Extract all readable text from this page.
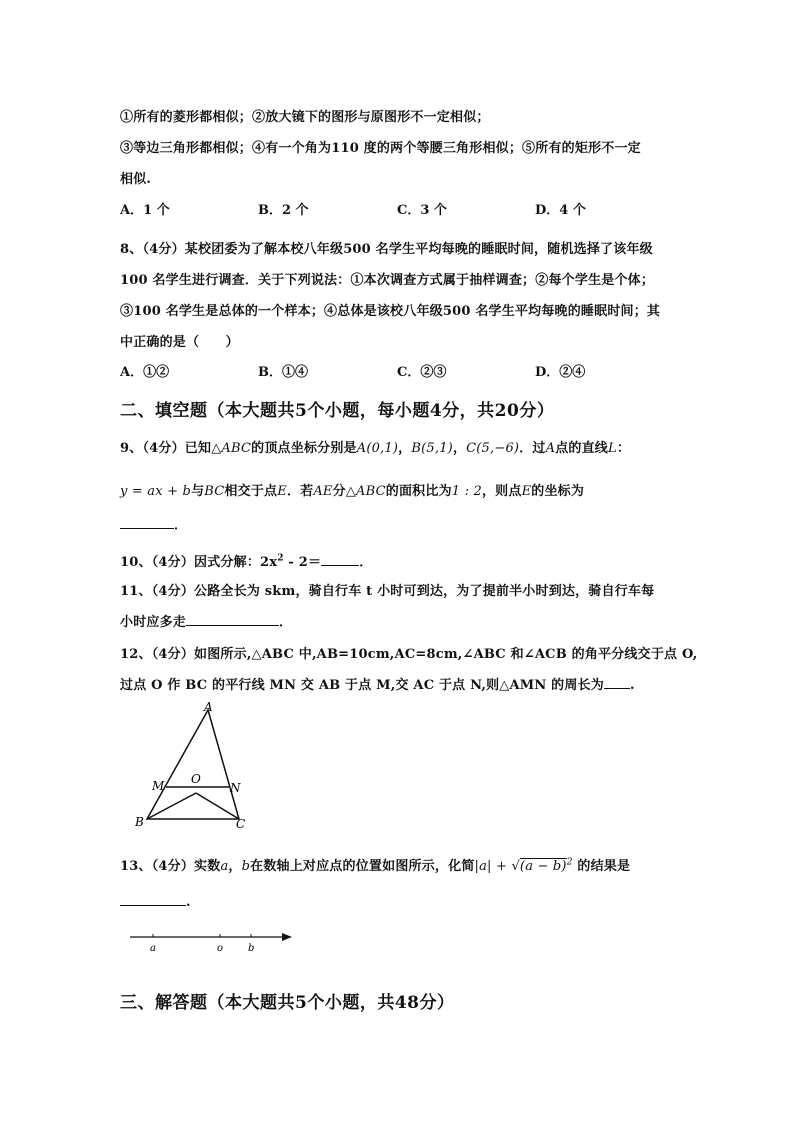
①所有的菱形都相似；②放大镜下的图形与原图形不一定相似；
③等边三角形都相似；④有一个角为110 度的两个等腰三角形相似；⑤所有的矩形不一定
相似.
A．1 个	B．2 个	C．3 个	D．4 个
8、（4分）某校团委为了解本校八年级500 名学生平均每晚的睡眠时间，随机选择了该年级
100 名学生进行调查．关于下列说法：①本次调查方式属于抽样调查；②每个学生是个体；
③100 名学生是总体的一个样本；④总体是该校八年级500 名学生平均每晚的睡眠时间；其
中正确的是（　　）
A．①②	B．①④	C．②③	D．②④
二、填空题（本大题共5个小题，每小题4分，共20分）
9、（4分）已知△ABC的顶点坐标分别是A(0,1)，B(5,1)，C(5,−6)．过A点的直线L：
y = ax + b与BC相交于点E．若AE分△ABC的面积比为1 : 2，则点E的坐标为
．
10、（4分）因式分解：$2x^2 - 2=$	．
11、（4分）公路全长为 skm，骑自行车 t 小时可到达，为了提前半小时到达，骑自行车每
小时应多走	．
12、（4分）如图所示,△ABC 中,AB=10cm,AC=8cm,∠ABC 和∠ACB 的角平分线交于点 O,
过点 O 作 BC 的平行线 MN 交 AB 于点 M,交 AC 于点 N,则△AMN 的周长为 .
A
M O
N
B	C
13、（4分）实数a，b在数轴上对应点的位置如图所示，化简$|a| + √(a - b)^2$ 的结果是
.
a	o b
三、解答题（本大题共5个小题，共48分）
